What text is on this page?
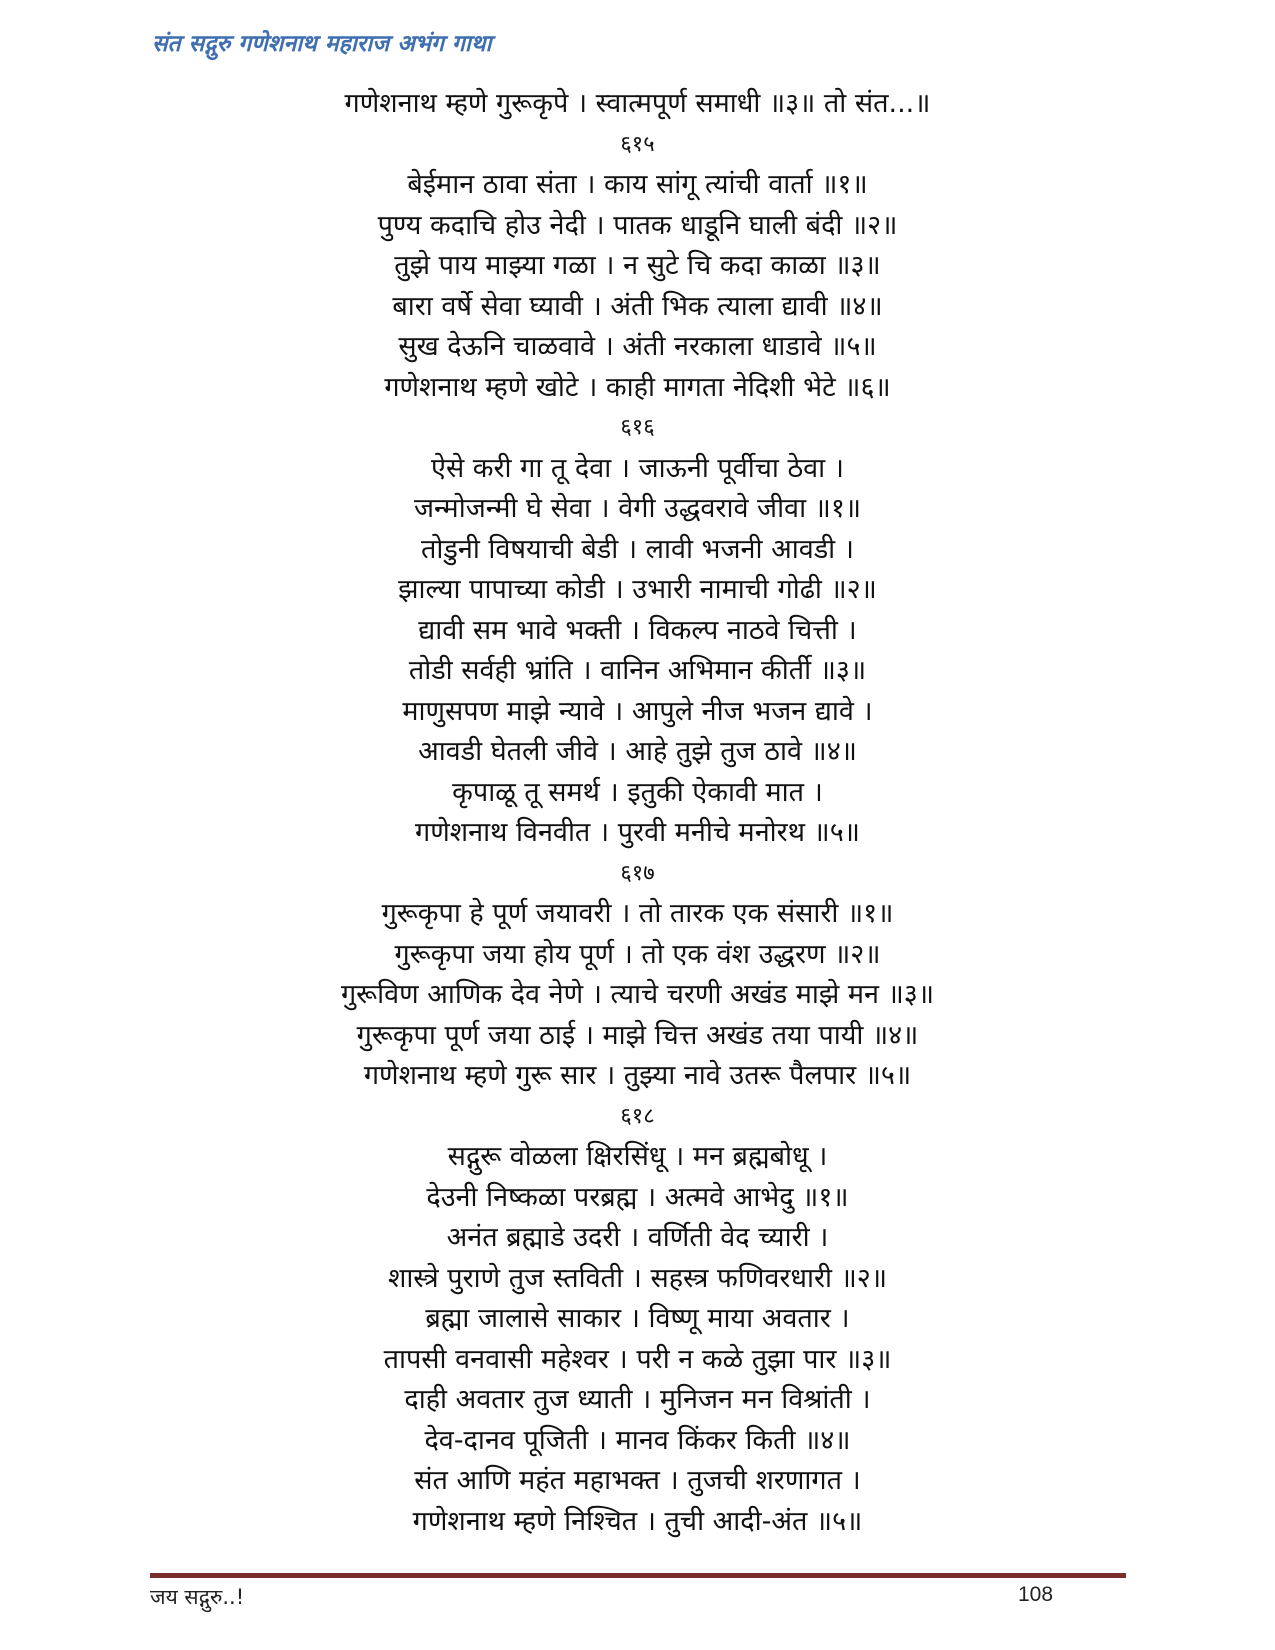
संत सद्गुरु गणेशनाथ महाराज अभंग गाथा
गणेशनाथ म्हणे गुरूकृपे । स्वात्मपूर्ण समाधी ॥३॥ तो संत...॥
६१५
बेईमान ठावा संता । काय सांगू त्यांची वार्ता ॥१॥
पुण्य कदाचि होउ नेदी । पातक धाडूनि घाली बंदी ॥२॥
तुझे पाय माझ्या गळा । न सुटे चि कदा काळा ॥३॥
बारा वर्षे सेवा घ्यावी । अंती भिक त्याला द्यावी ॥४॥
सुख देऊनि चाळवावे । अंती नरकाला धाडावे ॥५॥
गणेशनाथ म्हणे खोटे । काही मागता नेदिशी भेटे ॥६॥
६१६
ऐसे करी गा तू देवा । जाऊनी पूर्वीचा ठेवा ।
जन्मोजन्मी घे सेवा । वेगी उद्धवरावे जीवा ॥१॥
तोडुनी विषयाची बेडी । लावी भजनी आवडी ।
झाल्या पापाच्या कोडी । उभारी नामाची गोढी ॥२॥
द्यावी सम भावे भक्ती । विकल्प नाठवे चित्ती ।
तोडी सर्वही भ्रांति । वानिन अभिमान कीर्ती ॥३॥
माणुसपण माझे न्यावे । आपुले नीज भजन द्यावे ।
आवडी घेतली जीवे । आहे तुझे तुज ठावे ॥४॥
कृपाळू तू समर्थ । इतुकी ऐकावी मात ।
गणेशनाथ विनवीत । पुरवी मनीचे मनोरथ ॥५॥
६१७
गुरूकृपा हे पूर्ण जयावरी । तो तारक एक संसारी ॥१॥
गुरूकृपा जया होय पूर्ण । तो एक वंश उद्धरण ॥२॥
गुरूविण आणिक देव नेणे । त्याचे चरणी अखंड माझे मन ॥३॥
गुरूकृपा पूर्ण जया ठाई । माझे चित्त अखंड तया पायी ॥४॥
गणेशनाथ म्हणे गुरू सार । तुझ्या नावे उतरू पैलपार ॥५॥
६१८
सद्गुरू वोळला क्षिरसिंधू । मन ब्रह्मबोधू ।
देउनी निष्कळा परब्रह्म । अत्मवे आभेदु ॥१॥
अनंत ब्रह्माडे उदरी । वर्णिती वेद च्यारी ।
शास्त्रे पुराणे तुज स्तविती । सहस्त्र फणिवरधारी ॥२॥
ब्रह्मा जालासे साकार । विष्णू माया अवतार ।
तापसी वनवासी महेश्वर । परी न कळे तुझा पार ॥३॥
दाही अवतार तुज ध्याती । मुनिजन मन विश्रांती ।
देव-दानव पूजिती । मानव किंकर किती ॥४॥
संत आणि महंत महाभक्त । तुजची शरणागत ।
गणेशनाथ म्हणे निश्चित । तुची आदी-अंत ॥५॥
जय सद्गुरु..!	108
